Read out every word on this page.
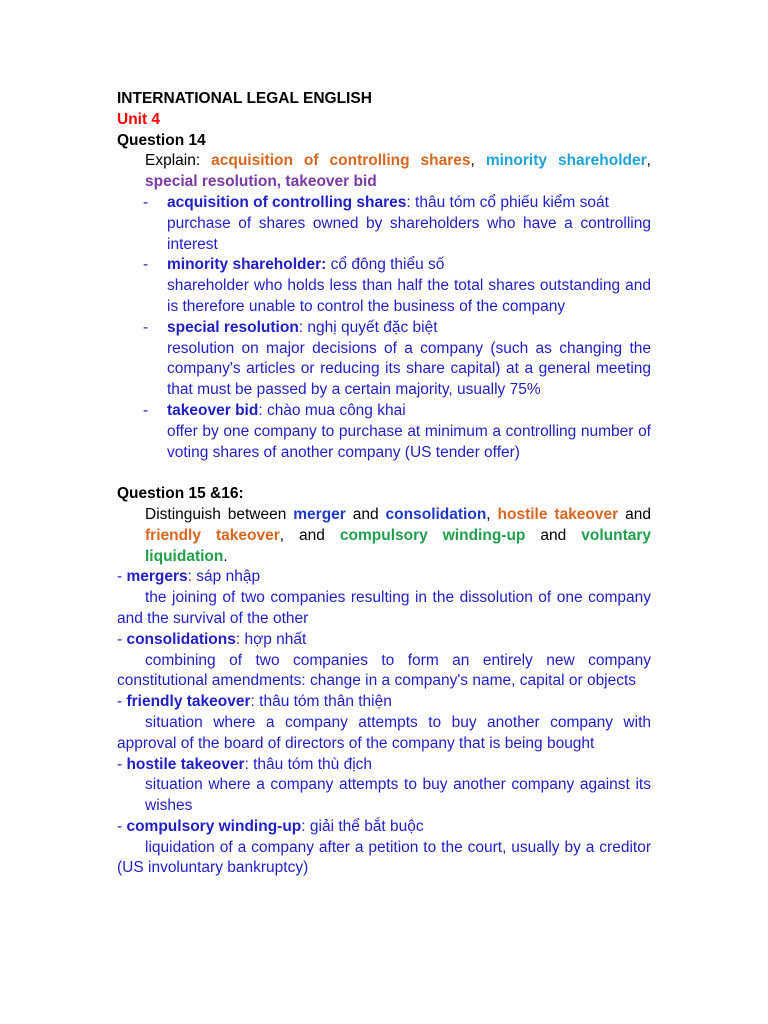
INTERNATIONAL LEGAL ENGLISH
Unit 4
Question 14
Explain: acquisition of controlling shares, minority shareholder, special resolution, takeover bid
- acquisition of controlling shares: thâu tóm cổ phiếu kiểm soát
purchase of shares owned by shareholders who have a controlling interest
- minority shareholder: cổ đông thiểu số
shareholder who holds less than half the total shares outstanding and is therefore unable to control the business of the company
- special resolution: nghị quyết đặc biệt
resolution on major decisions of a company (such as changing the company's articles or reducing its share capital) at a general meeting that must be passed by a certain majority, usually 75%
- takeover bid: chào mua công khai
offer by one company to purchase at minimum a controlling number of voting shares of another company (US tender offer)
Question 15 &16:
Distinguish between merger and consolidation, hostile takeover and friendly takeover, and compulsory winding-up and voluntary liquidation.
- mergers: sáp nhập
the joining of two companies resulting in the dissolution of one company and the survival of the other
- consolidations: hợp nhất
combining of two companies to form an entirely new company constitutional amendments: change in a company's name, capital or objects
- friendly takeover: thâu tóm thân thiện
situation where a company attempts to buy another company with approval of the board of directors of the company that is being bought
- hostile takeover: thâu tóm thù địch
situation where a company attempts to buy another company against its wishes
- compulsory winding-up: giải thể bắt buộc
liquidation of a company after a petition to the court, usually by a creditor (US involuntary bankruptcy)
